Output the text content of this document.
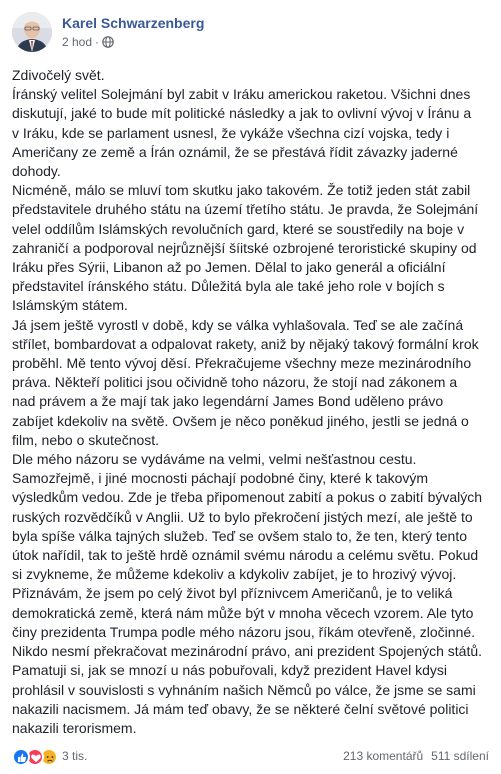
Karel Schwarzenberg
2 hod ·

Zdivočelý svět.

Íránský velitel Solejmání byl zabit v Iráku americkou raketou. Všichni dnes

diskutují, jaké to bude mít politické následky a jak to ovlivní vývoj v Íránu a

v Iráku, kde se parlament usnesl, že vykáže všechna cizí vojska, tedy i

Američany ze země a Írán oznámil, že se přestává řídit závazky jaderné

dohody.

Nicméně, málo se mluví tom skutku jako takovém. Že totiž jeden stát zabil

představitele druhého státu na území třetího státu. Je pravda, že Solejmání

velel oddílům Islámských revolučních gard, které se soustředily na boje v

zahraničí a podporoval nejrůznější šíitské ozbrojené teroristické skupiny od

Iráku přes Sýrii, Libanon až po Jemen. Dělal to jako generál a oficiální

představitel íránského státu. Důležitá byla ale také jeho role v bojích s

Islámským státem.

Já jsem ještě vyrostl v době, kdy se válka vyhlašovala. Teď se ale začíná

střílet, bombardovat a odpalovat rakety, aniž by nějaký takový formální krok

proběhl. Mě tento vývoj děsí. Překračujeme všechny meze mezinárodního

práva. Někteří politici jsou očividně toho názoru, že stojí nad zákonem a

nad právem a že mají tak jako legendární James Bond uděleno právo

zabíjet kdekoliv na světě. Ovšem je něco poněkud jiného, jestli se jedná o

film, nebo o skutečnost.

Dle mého názoru se vydáváme na velmi, velmi nešťastnou cestu.

Samozřejmě, i jiné mocnosti páchají podobné činy, které k takovým

výsledkům vedou. Zde je třeba připomenout zabití a pokus o zabití bývalých

ruských rozvědčíků v Anglii. Už to bylo překročení jistých mezí, ale ještě to

byla spíše válka tajných služeb. Teď se ovšem stalo to, že ten, který tento

útok nařídil, tak to ještě hrdě oznámil svému národu a celému světu. Pokud

si zvykneme, že můžeme kdekoliv a kdykoliv zabíjet, je to hrozivý vývoj.

Přiznávám, že jsem po celý život byl příznivcem Američanů, je to veliká

demokratická země, která nám může být v mnoha věcech vzorem. Ale tyto

činy prezidenta Trumpa podle mého názoru jsou, říkám otevřeně, zločinné.

Nikdo nesmí překračovat mezinárodní právo, ani prezident Spojených států.

Pamatuji si, jak se mnozí u nás pobuřovali, když prezident Havel kdysi

prohlásil v souvislosti s vyhnáním našich Němců po válce, že jsme se sami

nakazili nacismem. Já mám teď obavy, že se některé čelní světové politici

nakazili terorismem.

3 tis.	213 komentářů 511 sdílení
